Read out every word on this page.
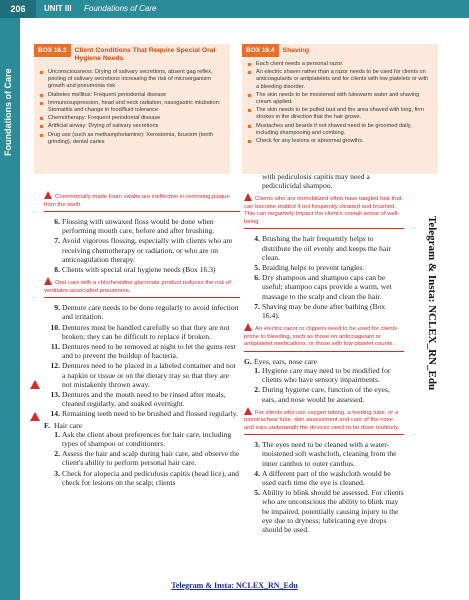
206	UNIT III Foundations of Care
Foundations of Care
BOX 16.3	Client Conditions That Require Special Oral Hygiene Needs
Unconsciousness: Drying of salivary secretions, absent gag reflex, pooling of salivary secretions increasing the risk of microorganism growth and pneumonia risk
Diabetes mellitus: Frequent periodontal disease
Immunosuppression, head and neck radiation, nasogastric intubation: Stomatitis and change in food/fluid tolerance
Chemotherapy: Frequent periodontal disease
Artificial airway: Drying of salivary secretions
Drug use (such as methamphetamine): Xerostomia, bruxism (teeth grinding), dental caries
BOX 16.4	Shaving
Each client needs a personal razor.
An electric shaver rather than a razor needs to be used for clients on anticoagulants or antiplatelets and for clients with low platelets or with a bleeding disorder.
The skin needs to be moistened with lukewarm water and shaving cream applied.
The skin needs to be pulled taut and the area shaved with long, firm strokes in the direction that the hair grows.
Mustaches and beards if not shaved need to be groomed daily, including shampooing and combing.
Check for any lesions or abnormal growths.
Commercially made foam swabs are ineffective in removing plaque from the teeth.
6. Flossing with unwaxed floss would be done when performing mouth care, before and after brushing.
7. Avoid vigorous flossing, especially with clients who are receiving chemotherapy or radiation, or who are on anticoagulation therapy.
8. Clients with special oral hygiene needs (Box 16.3)
Oral care with a chlorhexidine gluconate product reduces the risk of ventilator-associated pneumonia.
9. Denture care needs to be done regularly to avoid infection and irritation.
10. Dentures must be handled carefully so that they are not broken; they can be difficult to replace if broken.
11. Dentures need to be removed at night to let the gums rest and to prevent the buildup of bacteria.
12. Dentures need to be placed in a labeled container and not a napkin or tissue or on the dietary tray so that they are not mistakenly thrown away.
13. Dentures and the mouth need to be rinsed after meals, cleaned regularly, and soaked overnight.
14. Remaining teeth need to be brushed and flossed regularly.
F. Hair care
1. Ask the client about preferences for hair care, including types of shampoo or conditioners.
2. Assess the hair and scalp during hair care, and observe the client's ability to perform personal hair care.
3. Check for alopecia and pediculosis capitis (head lice), and check for lesions on the scalp; clients
with pediculosis capitis may need a pediculicidal shampoo.
Clients who are immobilized often have tangled hair that can become matted if not frequently cleaned and brushed. This can negatively impact the client's overall sense of well-being.
4. Brushing the hair frequently helps to distribute the oil evenly and keeps the hair clean.
5. Braiding helps to prevent tangles.
6. Dry shampoos and shampoo caps can be useful; shampoo caps provide a warm, wet massage to the scalp and clean the hair.
7. Shaving may be done after bathing (Box 16.4).
An electric razor or clippers need to be used for clients prone to bleeding, such as those on anticoagulant or antiplatelet medications, or those with low platelet counts.
G. Eyes, ears, nose care
1. Hygiene care may need to be modified for clients who have sensory impairments.
2. During hygiene care, function of the eyes, ears, and nose would be assessed.
For clients who use oxygen tubing, a feeding tube, or a nasotracheal tube, skin assessment and care of the nose and ears underneath the devices need to be done routinely.
3. The eyes need to be cleaned with a water-moistened soft washcloth, cleaning from the inner canthus to outer canthus.
4. A different part of the washcloth would be used each time the eye is cleaned.
5. Ability to blink should be assessed. For clients who are unconscious the ability to blink may be impaired, potentially causing injury to the eye due to dryness; lubricating eye drops should be used.
Telegram & Insta: NCLEX_RN_Edu
Telegram & Insta: NCLEX_RN_Edu
